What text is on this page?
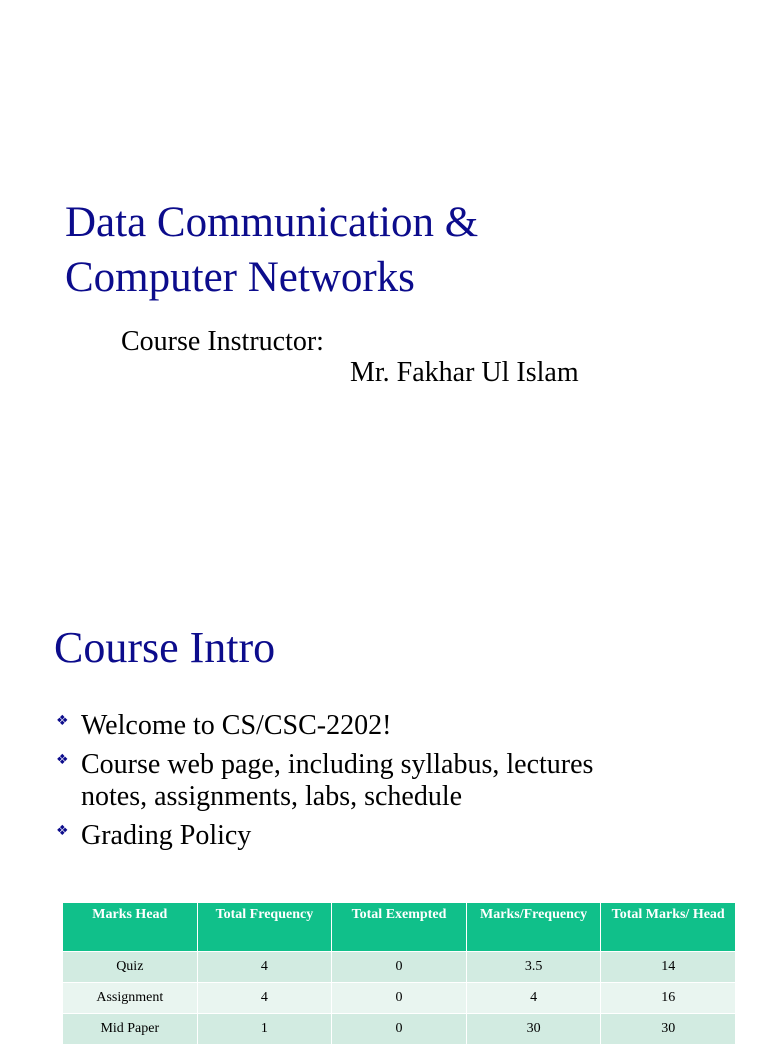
Data Communication &
Computer Networks
Course Instructor:
Mr. Fakhar Ul Islam
Course Intro
❖ Welcome to CS/CSC-2202!
❖ Course web page, including syllabus, lectures
notes, assignments, labs, schedule
❖ Grading Policy
Marks Head	Total Frequency	Total Exempted	Marks/Frequency	Total Marks/ Head
Quiz	4	0	3.5	14
Assignment	4	0	4	16
Mid Paper	1	0	30	30
